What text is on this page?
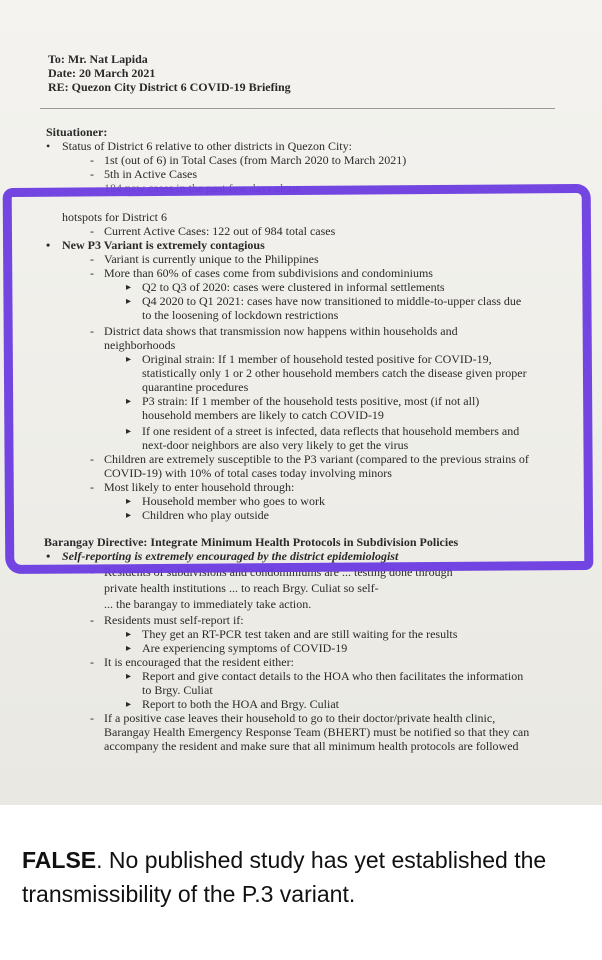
To: Mr. Nat Lapida
Date: 20 March 2021
RE: Quezon City District 6 COVID-19 Briefing
Situationer:
• Status of District 6 relative to other districts in Quezon City:
- 1st (out of 6) in Total Cases (from March 2020 to March 2021)
- 5th in Active Cases
184 new cases in the past few days alone
hotspots for District 6
- Current Active Cases: 122 out of 984 total cases
• New P3 Variant is extremely contagious
- Variant is currently unique to the Philippines
- More than 60% of cases come from subdivisions and condominiums
▸ Q2 to Q3 of 2020: cases were clustered in informal settlements
▸ Q4 2020 to Q1 2021: cases have now transitioned to middle-to-upper class due
to the loosening of lockdown restrictions
- District data shows that transmission now happens within households and
neighborhoods
▸ Original strain: If 1 member of household tested positive for COVID-19,
statistically only 1 or 2 other household members catch the disease given proper
quarantine procedures
▸ P3 strain: If 1 member of the household tests positive, most (if not all)
household members are likely to catch COVID-19
▸ If one resident of a street is infected, data reflects that household members and
next-door neighbors are also very likely to get the virus
- Children are extremely susceptible to the P3 variant (compared to the previous strains of
COVID-19) with 10% of total cases today involving minors
- Most likely to enter household through:
▸ Household member who goes to work
▸ Children who play outside
Barangay Directive: Integrate Minimum Health Protocols in Subdivision Policies
• Self-reporting is extremely encouraged by the district epidemiologist
- Residents of subdivisions and condominiums are ... testing done through
private health institutions ... to reach Brgy. Culiat so self-
... the barangay to immediately take action.
- Residents must self-report if:
▸ They get an RT-PCR test taken and are still waiting for the results
▸ Are experiencing symptoms of COVID-19
- It is encouraged that the resident either:
▸ Report and give contact details to the HOA who then facilitates the information
to Brgy. Culiat
▸ Report to both the HOA and Brgy. Culiat
- If a positive case leaves their household to go to their doctor/private health clinic,
Barangay Health Emergency Response Team (BHERT) must be notified so that they can
accompany the resident and make sure that all minimum health protocols are followed
FALSE. No published study has yet established the transmissibility of the P.3 variant.
